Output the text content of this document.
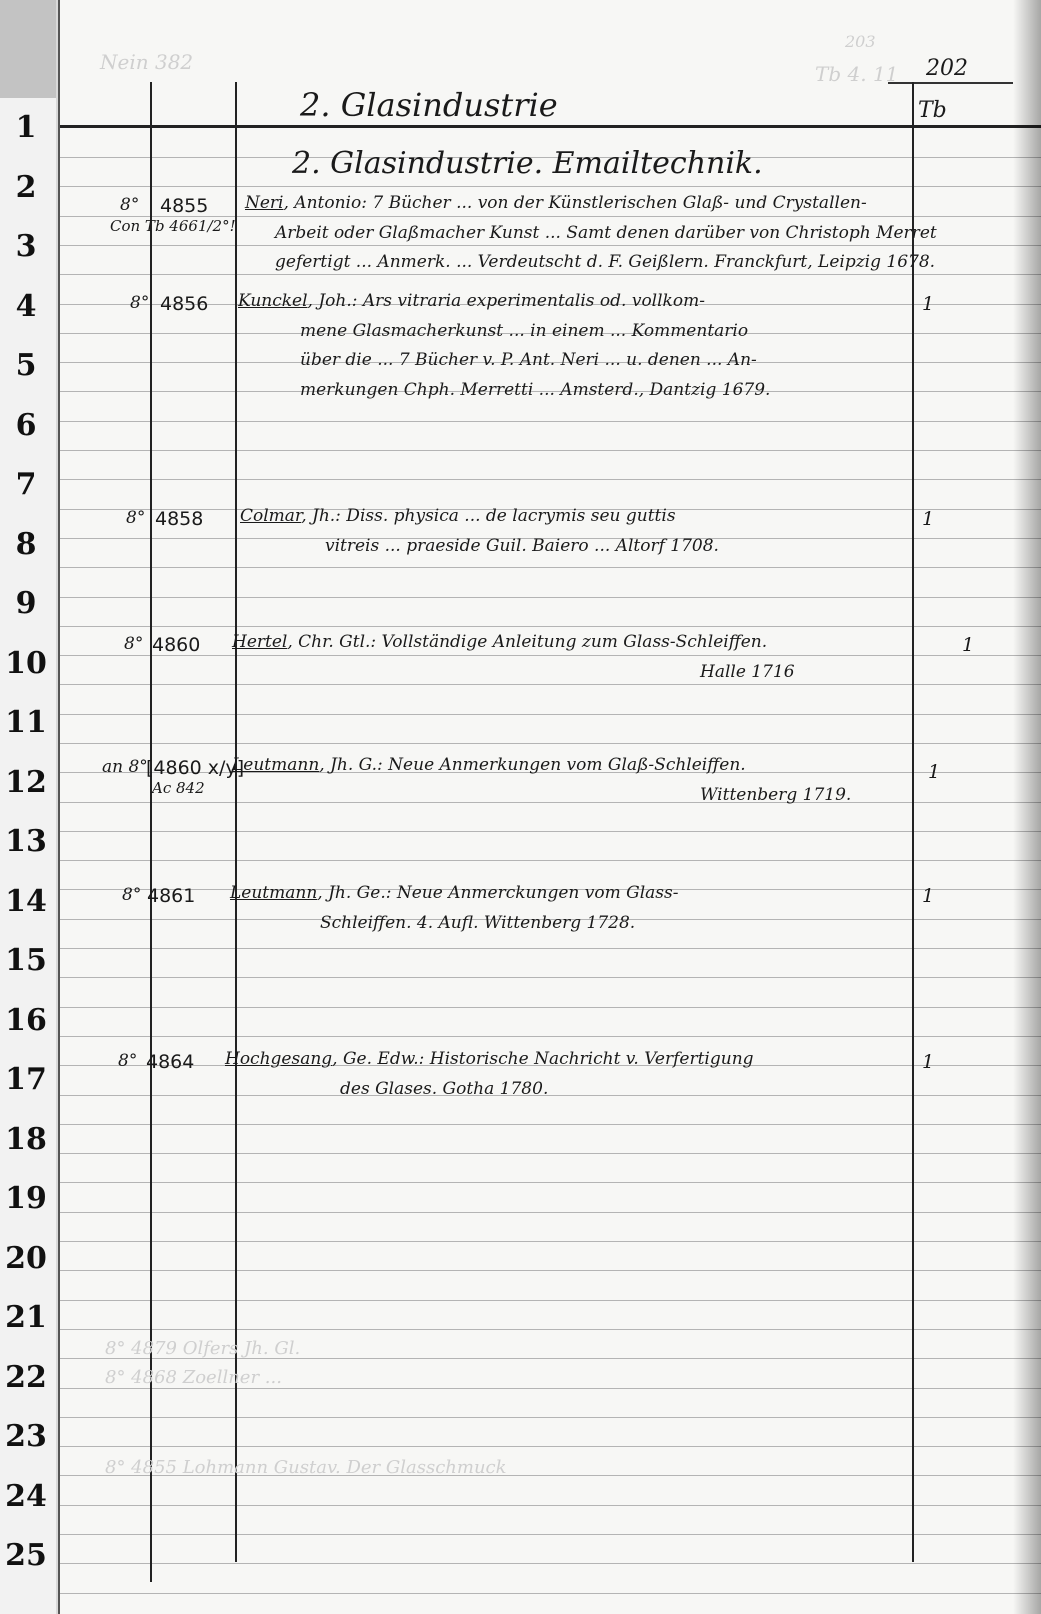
1
2
3
4
5
6
7
8
9
10
11
12
13
14
15
16
17
18
19
20
21
22
23
24
25
Nein 382	Tb 4. 11
203
202
2. Glasindustrie	Tb
2. Glasindustrie. Emailtechnik.
8° 4855
Con Tb 4661/2°!
Neri, Antonio: 7 Bücher ... von der Künstlerischen Glaß- und Crystallen-
Arbeit oder Glaßmacher Kunst ... Samt denen darüber von Christoph Merret
gefertigt ... Anmerk. ... Verdeutscht d. F. Geißlern. Franckfurt, Leipzig 1678.
8° 4856 Kunckel, Joh.: Ars vitraria experimentalis od. vollkom-
mene Glasmacherkunst ... in einem ... Kommentario
über die ... 7 Bücher v. P. Ant. Neri ... u. denen ... An-
merkungen Chph. Merretti ... Amsterd., Dantzig 1679.
1
8° 4858 Colmar, Jh.: Diss. physica ... de lacrymis seu guttis
vitreis ... praeside Guil. Baiero ... Altorf 1708.
1
8° 4860 Hertel, Chr. Gtl.: Vollständige Anleitung zum Glass-Schleiffen.
Halle 1716
1
an 8°
[4860 x/y]
Ac 842
Leutmann, Jh. G.: Neue Anmerkungen vom Glaß-Schleiffen.
Wittenberg 1719.
1
8° 4861 Leutmann, Jh. Ge.: Neue Anmerckungen vom Glass-
Schleiffen. 4. Aufl. Wittenberg 1728.
1
8° 4864 Hochgesang, Ge. Edw.: Historische Nachricht v. Verfertigung
des Glases. Gotha 1780.
1
8° 4879 Olfers Jh. Gl.
8° 4868 Zoellner ...
8° 4855 Lohmann Gustav. Der Glasschmuck
